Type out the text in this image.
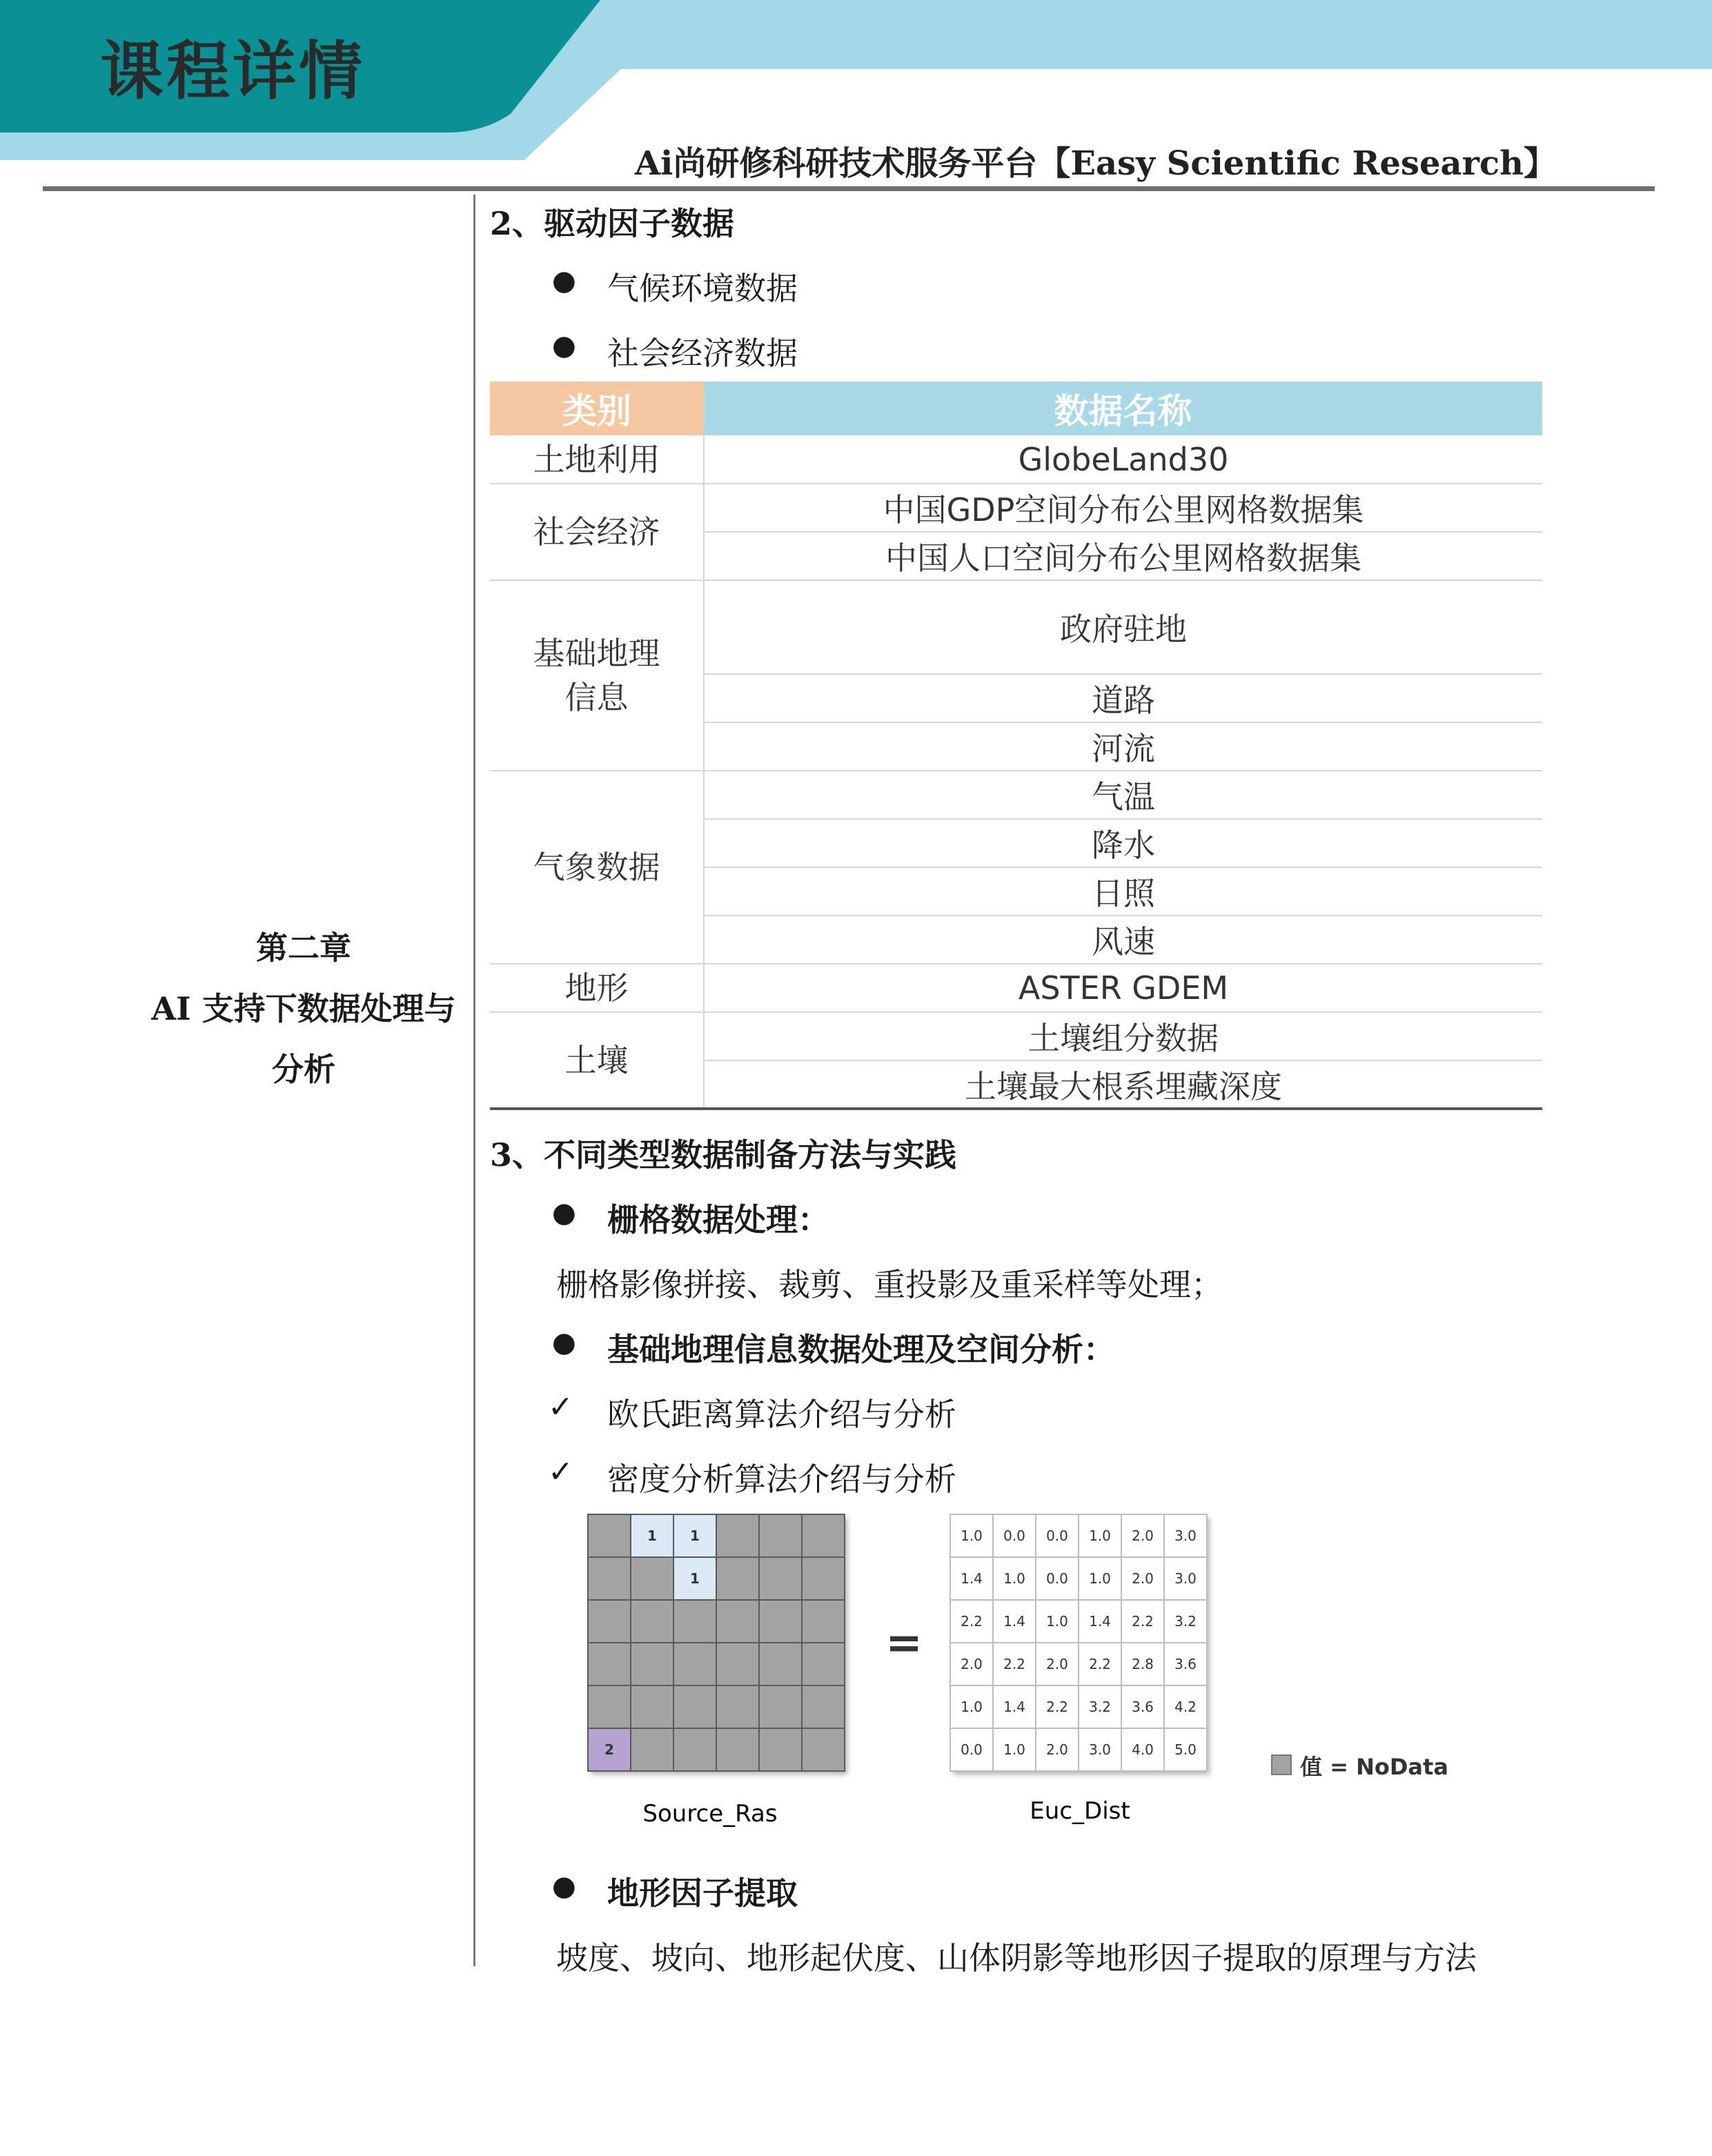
课程详情
Ai尚研修科研技术服务平台【Easy Scientific Research】
第二章
AI 支持下数据处理与
分析
2、驱动因子数据
● 气候环境数据
● 社会经济数据
类别	数据名称
土地利用	GlobeLand30
社会经济	中国GDP空间分布公里网格数据集
	中国人口空间分布公里网格数据集

基础地理
信息	政府驻地
	道路
	河流
气象数据	气温
	降水
	日照
	风速
地形	ASTER GDEM
土壤	土壤组分数据
	土壤最大根系埋藏深度
3、不同类型数据制备方法与实践
● 栅格数据处理：
栅格影像拼接、裁剪、重投影及重采样等处理；
● 基础地理信息数据处理及空间分析：
✓ 欧氏距离算法介绍与分析
✓ 密度分析算法介绍与分析
1 1
1
2
1.0 0.0 0.0 1.0 2.0 3.0
1.4 1.0 0.0 1.0 2.0 3.0
2.2 1.4 1.0 1.4 2.2 3.2
2.0 2.2 2.0 2.2 2.8 3.6
1.0 1.4 2.2 3.2 3.6 4.2
0.0 1.0 2.0 3.0 4.0 5.0
=
Source_Ras	Euc_Dist
值 = NoData
● 地形因子提取
坡度、坡向、地形起伏度、山体阴影等地形因子提取的原理与方法
